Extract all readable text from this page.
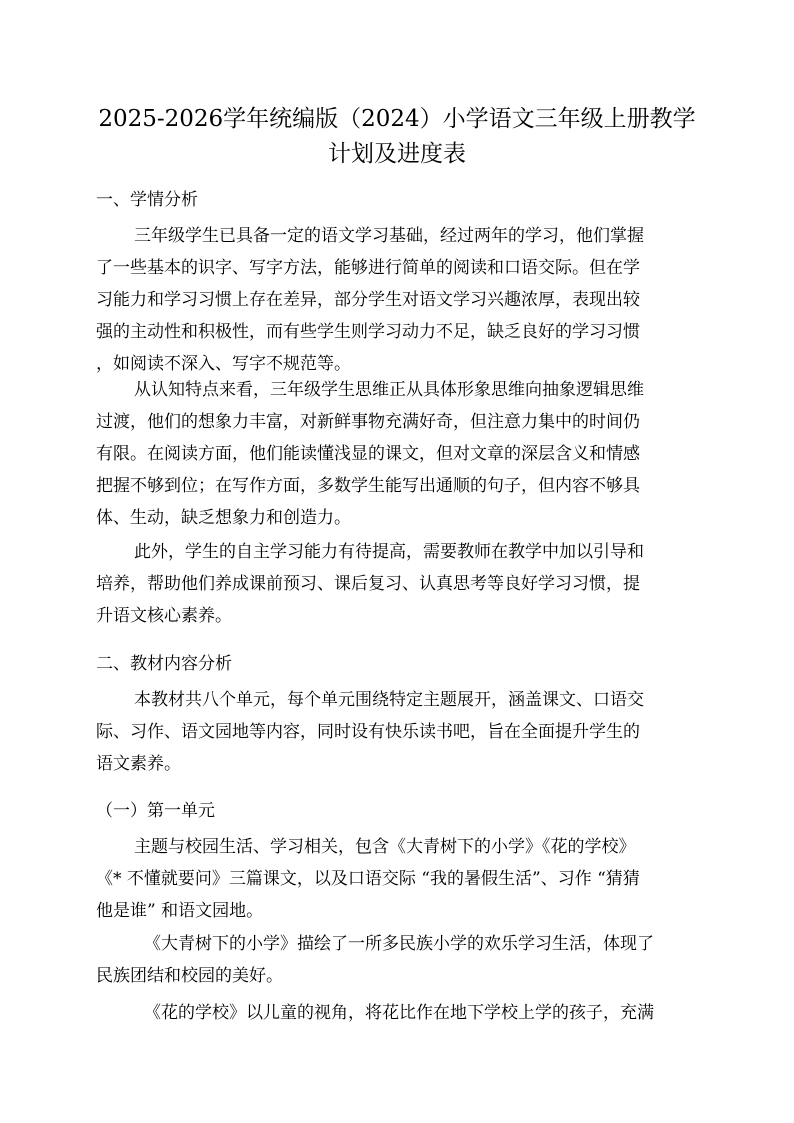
2025-2026学年统编版（2024）小学语文三年级上册教学
计划及进度表
一、学情分析
三年级学生已具备一定的语文学习基础，经过两年的学习，他们掌握
了一些基本的识字、写字方法，能够进行简单的阅读和口语交际。但在学
习能力和学习习惯上存在差异，部分学生对语文学习兴趣浓厚，表现出较
强的主动性和积极性，而有些学生则学习动力不足，缺乏良好的学习习惯
，如阅读不深入、写字不规范等。
从认知特点来看，三年级学生思维正从具体形象思维向抽象逻辑思维
过渡，他们的想象力丰富，对新鲜事物充满好奇，但注意力集中的时间仍
有限。在阅读方面，他们能读懂浅显的课文，但对文章的深层含义和情感
把握不够到位；在写作方面，多数学生能写出通顺的句子，但内容不够具
体、生动，缺乏想象力和创造力。
此外，学生的自主学习能力有待提高，需要教师在教学中加以引导和
培养，帮助他们养成课前预习、课后复习、认真思考等良好学习习惯，提
升语文核心素养。
二、教材内容分析
本教材共八个单元，每个单元围绕特定主题展开，涵盖课文、口语交
际、习作、语文园地等内容，同时设有快乐读书吧，旨在全面提升学生的
语文素养。
（一）第一单元
主题与校园生活、学习相关，包含《大青树下的小学》《花的学校》
《* 不懂就要问》三篇课文，以及口语交际 “我的暑假生活”、习作 “猜猜
他是谁” 和语文园地。
《大青树下的小学》描绘了一所多民族小学的欢乐学习生活，体现了
民族团结和校园的美好。
《花的学校》以儿童的视角，将花比作在地下学校上学的孩子，充满
